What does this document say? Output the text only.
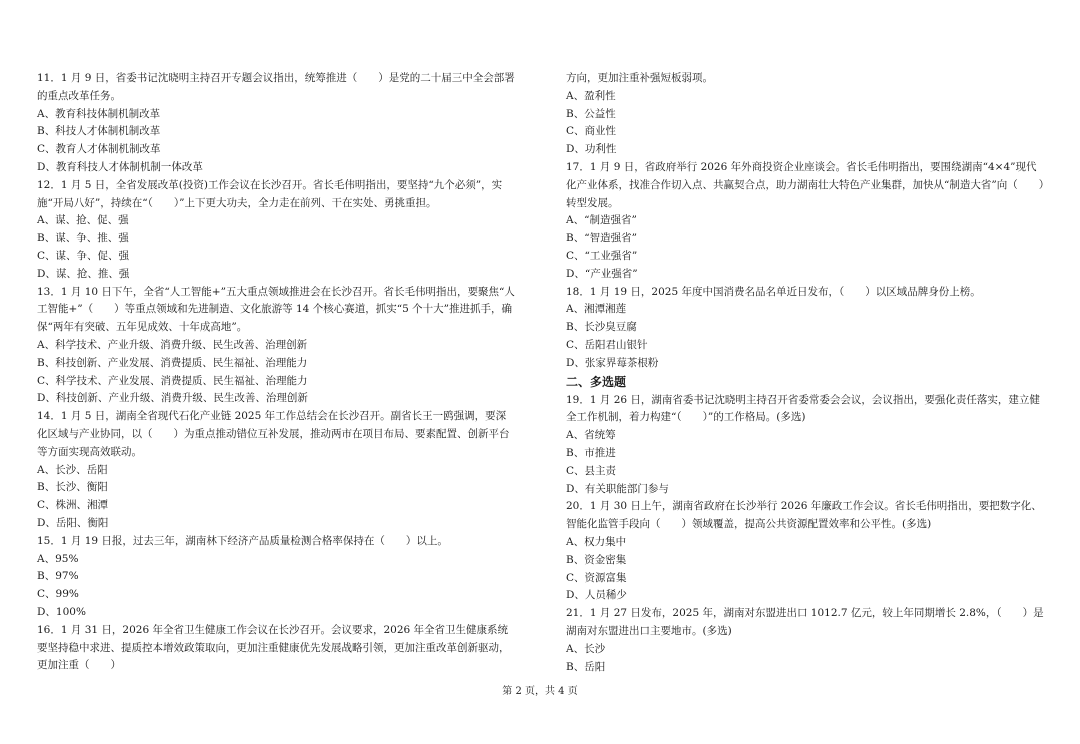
11．1 月 9 日，省委书记沈晓明主持召开专题会议指出，统筹推进（　　）是党的二十届三中全会部署的重点改革任务。

A、教育科技体制机制改革

B、科技人才体制机制改革

C、教育人才体制机制改革

D、教育科技人才体制机制一体改革

12．1 月 5 日，全省发展改革(投资)工作会议在长沙召开。省长毛伟明指出，要坚持“九个必须”，实施“开局八好”，持续在“（　　）”上下更大功夫，全力走在前列、干在实处、勇挑重担。

A、谋、抢、促、强

B、谋、争、推、强

C、谋、争、促、强

D、谋、抢、推、强

13．1 月 10 日下午，全省“人工智能+”五大重点领域推进会在长沙召开。省长毛伟明指出，要聚焦“人工智能+”（　　）等重点领域和先进制造、文化旅游等 14 个核心赛道，抓实“5 个十大”推进抓手，确保“两年有突破、五年见成效、十年成高地”。

A、科学技术、产业升级、消费升级、民生改善、治理创新

B、科技创新、产业发展、消费提质、民生福祉、治理能力

C、科学技术、产业发展、消费提质、民生福祉、治理能力

D、科技创新、产业升级、消费升级、民生改善、治理创新

14．1 月 5 日，湖南全省现代石化产业链 2025 年工作总结会在长沙召开。副省长王一鸥强调，要深化区域与产业协同，以（　　）为重点推动错位互补发展，推动两市在项目布局、要素配置、创新平台等方面实现高效联动。

A、长沙、岳阳

B、长沙、衡阳

C、株洲、湘潭

D、岳阳、衡阳

15．1 月 19 日报，过去三年，湖南林下经济产品质量检测合格率保持在（　　）以上。

A、95%

B、97%

C、99%

D、100%

16．1 月 31 日，2026 年全省卫生健康工作会议在长沙召开。会议要求，2026 年全省卫生健康系统要坚持稳中求进、提质控本增效政策取向，更加注重健康优先发展战略引领，更加注重改革创新驱动，更加注重（　　）

方向，更加注重补强短板弱项。

A、盈利性

B、公益性

C、商业性

D、功利性

17．1 月 9 日，省政府举行 2026 年外商投资企业座谈会。省长毛伟明指出，要围绕湖南“4×4”现代化产业体系，找准合作切入点、共赢契合点，助力湖南壮大特色产业集群，加快从“制造大省”向（　　）转型发展。

A、“制造强省”

B、“智造强省”

C、“工业强省”

D、“产业强省”

18．1 月 19 日，2025 年度中国消费名品名单近日发布，（　　）以区域品牌身份上榜。

A、湘潭湘莲

B、长沙臭豆腐

C、岳阳君山银针

D、张家界莓茶根粉

二、多选题

19．1 月 26 日，湖南省委书记沈晓明主持召开省委常委会会议，会议指出，要强化责任落实，建立健全工作机制，着力构建“（　　）”的工作格局。(多选)

A、省统筹

B、市推进

C、县主责

D、有关职能部门参与

20．1 月 30 日上午，湖南省政府在长沙举行 2026 年廉政工作会议。省长毛伟明指出，要把数字化、智能化监管手段向（　　）领域覆盖，提高公共资源配置效率和公平性。(多选)

A、权力集中

B、资金密集

C、资源富集

D、人员稀少

21．1 月 27 日发布，2025 年，湖南对东盟进出口 1012.7 亿元，较上年同期增长 2.8%，（　　）是湖南对东盟进出口主要地市。(多选)

A、长沙

B、岳阳

第 2 页，共 4 页
